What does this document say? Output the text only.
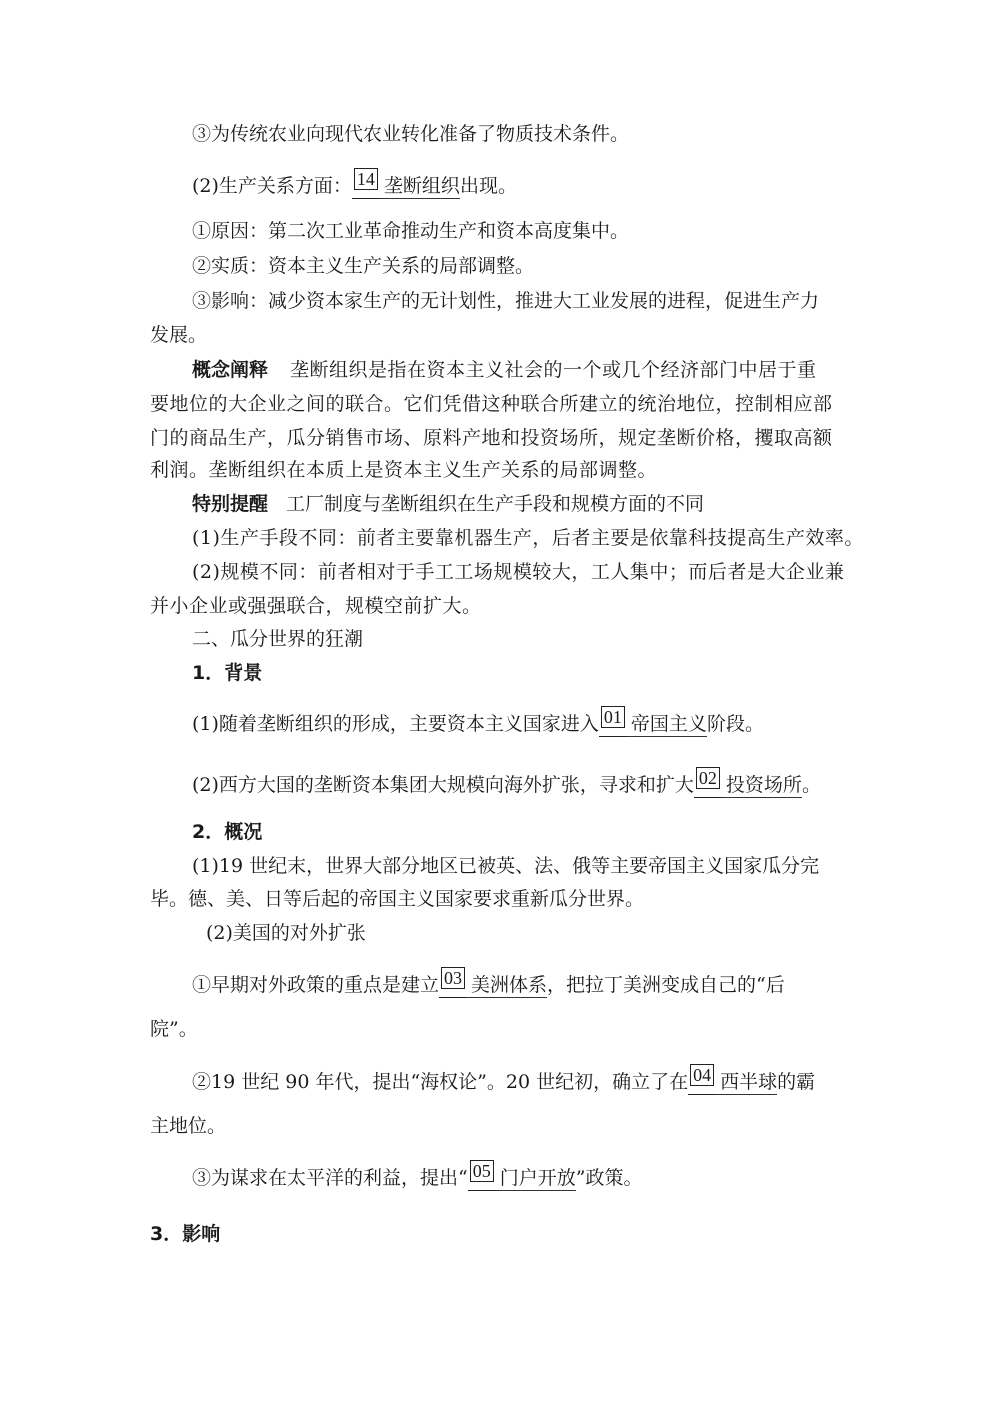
③为传统农业向现代农业转化准备了物质技术条件。
(2)生产关系方面： 14 垄断组织出现。
①原因：第二次工业革命推动生产和资本高度集中。
②实质：资本主义生产关系的局部调整。
③影响：减少资本家生产的无计划性，推进大工业发展的进程，促进生产力
发展。
概念阐释 垄断组织是指在资本主义社会的一个或几个经济部门中居于重
要地位的大企业之间的联合。它们凭借这种联合所建立的统治地位，控制相应部
门的商品生产，瓜分销售市场、原料产地和投资场所，规定垄断价格，攫取高额
利润。垄断组织在本质上是资本主义生产关系的局部调整。
特别提醒 工厂制度与垄断组织在生产手段和规模方面的不同
(1)生产手段不同：前者主要靠机器生产，后者主要是依靠科技提高生产效率。
(2)规模不同：前者相对于手工工场规模较大，工人集中；而后者是大企业兼
并小企业或强强联合，规模空前扩大。
二、瓜分世界的狂潮
1．背景
(1)随着垄断组织的形成，主要资本主义国家进入 01 帝国主义阶段。
(2)西方大国的垄断资本集团大规模向海外扩张，寻求和扩大 02 投资场所。
2．概况
(1)19 世纪末，世界大部分地区已被英、法、俄等主要帝国主义国家瓜分完
毕。德、美、日等后起的帝国主义国家要求重新瓜分世界。
(2)美国的对外扩张
①早期对外政策的重点是建立 03 美洲体系，把拉丁美洲变成自己的“后
院”。
②19 世纪 90 年代，提出“海权论”。20 世纪初，确立了在 04 西半球的霸
主地位。
③为谋求在太平洋的利益，提出“ 05 门户开放”政策。
3．影响
